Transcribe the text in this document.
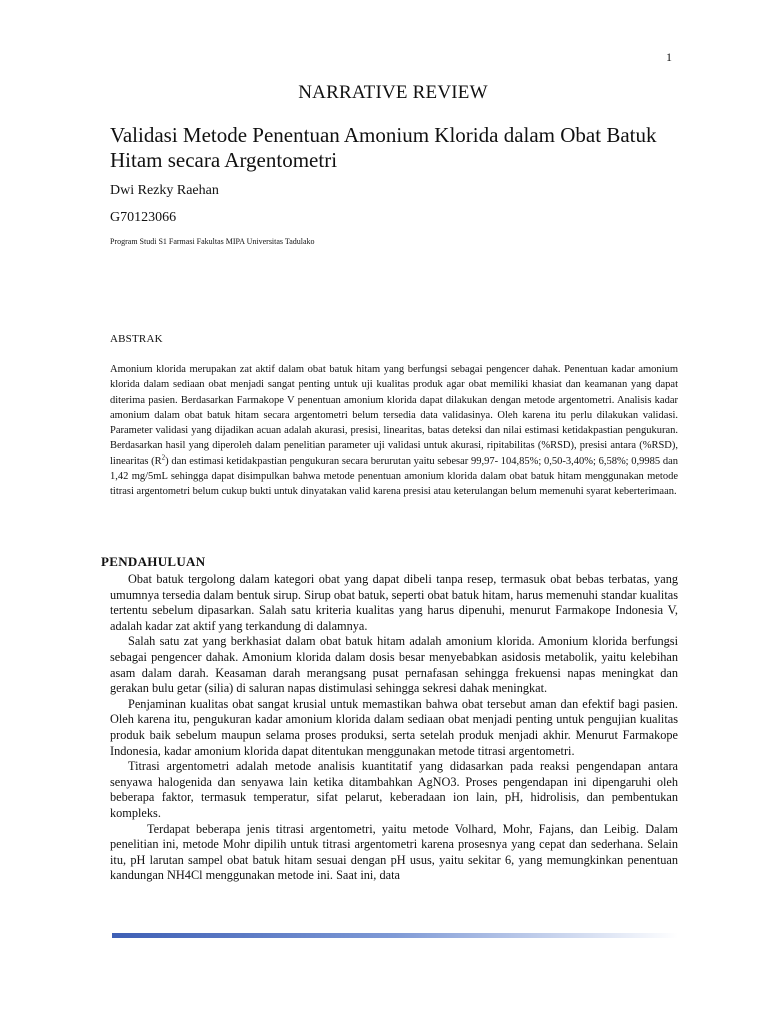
1
NARRATIVE REVIEW
Validasi Metode Penentuan Amonium Klorida dalam Obat Batuk Hitam secara Argentometri
Dwi Rezky Raehan
G70123066
Program Studi S1 Farmasi Fakultas MIPA Universitas Tadulako
ABSTRAK

Amonium klorida merupakan zat aktif dalam obat batuk hitam yang berfungsi sebagai pengencer dahak. Penentuan kadar amonium klorida dalam sediaan obat menjadi sangat penting untuk uji kualitas produk agar obat memiliki khasiat dan keamanan yang dapat diterima pasien. Berdasarkan Farmakope V penentuan amonium klorida dapat dilakukan dengan metode argentometri. Analisis kadar amonium dalam obat batuk hitam secara argentometri belum tersedia data validasinya. Oleh karena itu perlu dilakukan validasi. Parameter validasi yang dijadikan acuan adalah akurasi, presisi, linearitas, batas deteksi dan nilai estimasi ketidakpastian pengukuran. Berdasarkan hasil yang diperoleh dalam penelitian parameter uji validasi untuk akurasi, ripitabilitas (%RSD), presisi antara (%RSD), linearitas $(R^2)$ dan estimasi ketidakpastian pengukuran secara berurutan yaitu sebesar 99,97- 104,85%; 0,50-3,40%; 6,58%; 0,9985 dan 1,42 mg/5mL sehingga dapat disimpulkan bahwa metode penentuan amonium klorida dalam obat batuk hitam menggunakan metode titrasi argentometri belum cukup bukti untuk dinyatakan valid karena presisi atau keterulangan belum memenuhi syarat keberterimaan.

PENDAHULUAN

Obat batuk tergolong dalam kategori obat yang dapat dibeli tanpa resep, termasuk obat bebas terbatas, yang umumnya tersedia dalam bentuk sirup. Sirup obat batuk, seperti obat batuk hitam, harus memenuhi standar kualitas tertentu sebelum dipasarkan. Salah satu kriteria kualitas yang harus dipenuhi, menurut Farmakope Indonesia V, adalah kadar zat aktif yang terkandung di dalamnya.

Salah satu zat yang berkhasiat dalam obat batuk hitam adalah amonium klorida. Amonium klorida berfungsi sebagai pengencer dahak. Amonium klorida dalam dosis besar menyebabkan asidosis metabolik, yaitu kelebihan asam dalam darah. Keasaman darah merangsang pusat pernafasan sehingga frekuensi napas meningkat dan gerakan bulu getar (silia) di saluran napas distimulasi sehingga sekresi dahak meningkat.

Penjaminan kualitas obat sangat krusial untuk memastikan bahwa obat tersebut aman dan efektif bagi pasien. Oleh karena itu, pengukuran kadar amonium klorida dalam sediaan obat menjadi penting untuk pengujian kualitas produk baik sebelum maupun selama proses produksi, serta setelah produk menjadi akhir. Menurut Farmakope Indonesia, kadar amonium klorida dapat ditentukan menggunakan metode titrasi argentometri.

Titrasi argentometri adalah metode analisis kuantitatif yang didasarkan pada reaksi pengendapan antara senyawa halogenida dan senyawa lain ketika ditambahkan AgNO3. Proses pengendapan ini dipengaruhi oleh beberapa faktor, termasuk temperatur, sifat pelarut, keberadaan ion lain, pH, hidrolisis, dan pembentukan kompleks.

Terdapat beberapa jenis titrasi argentometri, yaitu metode Volhard, Mohr, Fajans, dan Leibig. Dalam penelitian ini, metode Mohr dipilih untuk titrasi argentometri karena prosesnya yang cepat dan sederhana. Selain itu, pH larutan sampel obat batuk hitam sesuai dengan pH usus, yaitu sekitar 6, yang memungkinkan penentuan kandungan NH4Cl menggunakan metode ini. Saat ini, data
